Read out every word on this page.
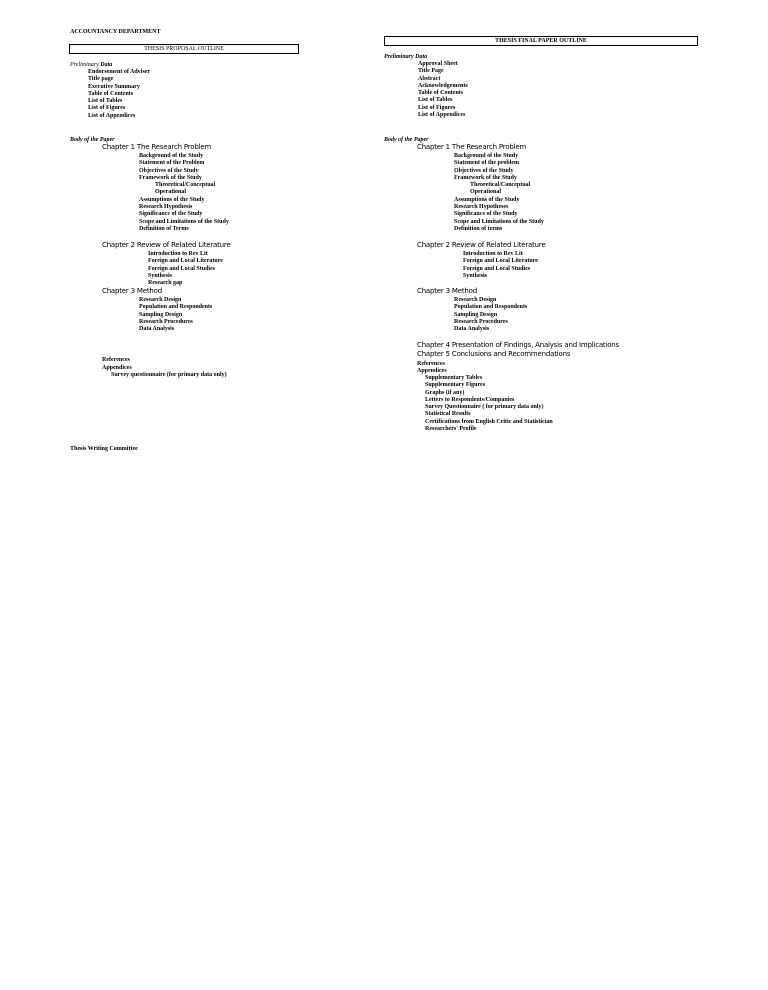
ACCOUNTANCY DEPARTMENT
THESIS PROPOSAL OUTLINE
Preliminary Data
Endorsement of Adviser
Title page
Executive Summary
Table of Contents
List of Tables
List of Figures
List of Appendices
Body of the Paper
Chapter 1 The Research Problem
Background of the Study
Statement of the Problem
Objectives of the Study
Framework of the Study
Theoretical/Conceptual
Operational
Assumptions of the Study
Research Hypothesis
Significance of the Study
Scope and Limitations of the Study
Definition of Terms
Chapter 2 Review of Related Literature
Introduction to Rev Lit
Foreign and Local Literature
Foreign and Local Studies
Synthesis
Research gap
Chapter 3 Method
Research Design
Population and Respondents
Sampling Design
Research Procedures
Data Analysis
References
Appendices
Survey questionnaire (for primary data only)
Thesis Writing Committee
THESIS FINAL PAPER OUTLINE
Preliminary Data
Approval Sheet
Title Page
Abstract
Acknowledgements
Table of Contents
List of Tables
List of Figures
List of Appendices
Body of the Paper
Chapter 1 The Research Problem
Background of the Study
Statement of the problem
Objectives of the Study
Framework of the Study
Theoretical/Conceptual
Operational
Assumptions of the Study
Research Hypotheses
Significance of the Study
Scope and Limitations of the Study
Definition of terms
Chapter 2 Review of Related Literature
Introduction to Rev Lit
Foreign and Local Literature
Foreign and Local Studies
Synthesis
Chapter 3 Method
Research Design
Population and Respondents
Sampling Design
Research Procedures
Data Analysis
Chapter 4 Presentation of Findings, Analysis and Implications
Chapter 5 Conclusions and Recommendations
References
Appendices
Supplementary Tables
Supplementary Figures
Graphs (if any)
Letters to Respondents/Companies
Survey Questionnaire ( for primary data only)
Statistical Results
Certifications from English Critic and Statistician
Researchers' Profile
